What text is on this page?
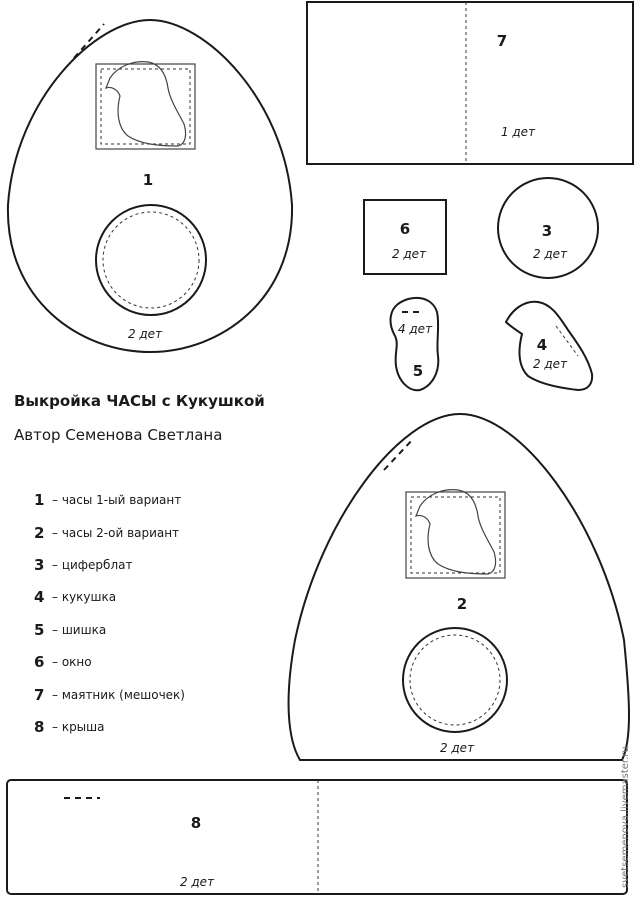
1
2 дет
7
1 дет
6
2 дет
3
2 дет
4 дет
5
4
2 дет
2
2 дет
8
2 дет
Выкройка ЧАСЫ с Кукушкой
Автор Семенова Светлана
1 – часы 1-ый вариант
2 – часы 2-ой вариант
3 – циферблат
4 – кукушка
5 – шишка
6 – окно
7 – маятник (мешочек)
8 – крыша
svetsemenova.livemaster.ru
